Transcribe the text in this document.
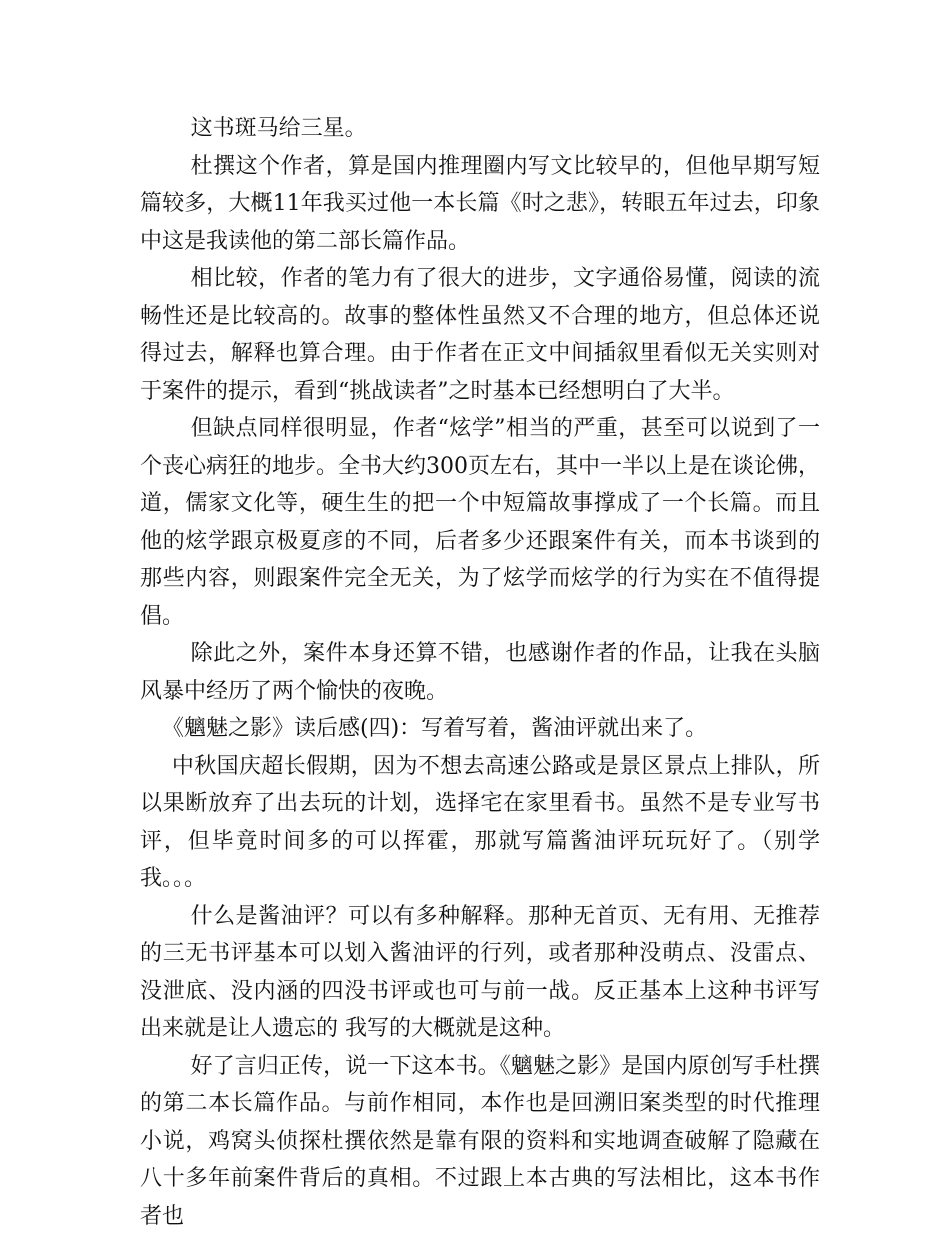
这书斑马给三星。

杜撰这个作者，算是国内推理圈内写文比较早的，但他早期写短篇较多，大概11年我买过他一本长篇《时之悲》，转眼五年过去，印象中这是我读他的第二部长篇作品。

相比较，作者的笔力有了很大的进步，文字通俗易懂，阅读的流畅性还是比较高的。故事的整体性虽然又不合理的地方，但总体还说得过去，解释也算合理。由于作者在正文中间插叙里看似无关实则对于案件的提示，看到“挑战读者”之时基本已经想明白了大半。

但缺点同样很明显，作者“炫学”相当的严重，甚至可以说到了一个丧心病狂的地步。全书大约300页左右，其中一半以上是在谈论佛，道，儒家文化等，硬生生的把一个中短篇故事撑成了一个长篇。而且他的炫学跟京极夏彦的不同，后者多少还跟案件有关，而本书谈到的那些内容，则跟案件完全无关，为了炫学而炫学的行为实在不值得提倡。

除此之外，案件本身还算不错，也感谢作者的作品，让我在头脑风暴中经历了两个愉快的夜晚。

《魑魅之影》读后感(四)：写着写着，酱油评就出来了。

中秋国庆超长假期，因为不想去高速公路或是景区景点上排队，所以果断放弃了出去玩的计划，选择宅在家里看书。虽然不是专业写书评，但毕竟时间多的可以挥霍，那就写篇酱油评玩玩好了。（别学我。。。

什么是酱油评？可以有多种解释。那种无首页、无有用、无推荐的三无书评基本可以划入酱油评的行列，或者那种没萌点、没雷点、没泄底、没内涵的四没书评或也可与前一战。反正基本上这种书评写出来就是让人遗忘的 我写的大概就是这种。

好了言归正传，说一下这本书。《魑魅之影》是国内原创写手杜撰的第二本长篇作品。与前作相同，本作也是回溯旧案类型的时代推理小说，鸡窝头侦探杜撰依然是靠有限的资料和实地调查破解了隐藏在八十多年前案件背后的真相。不过跟上本古典的写法相比，这本书作者也
